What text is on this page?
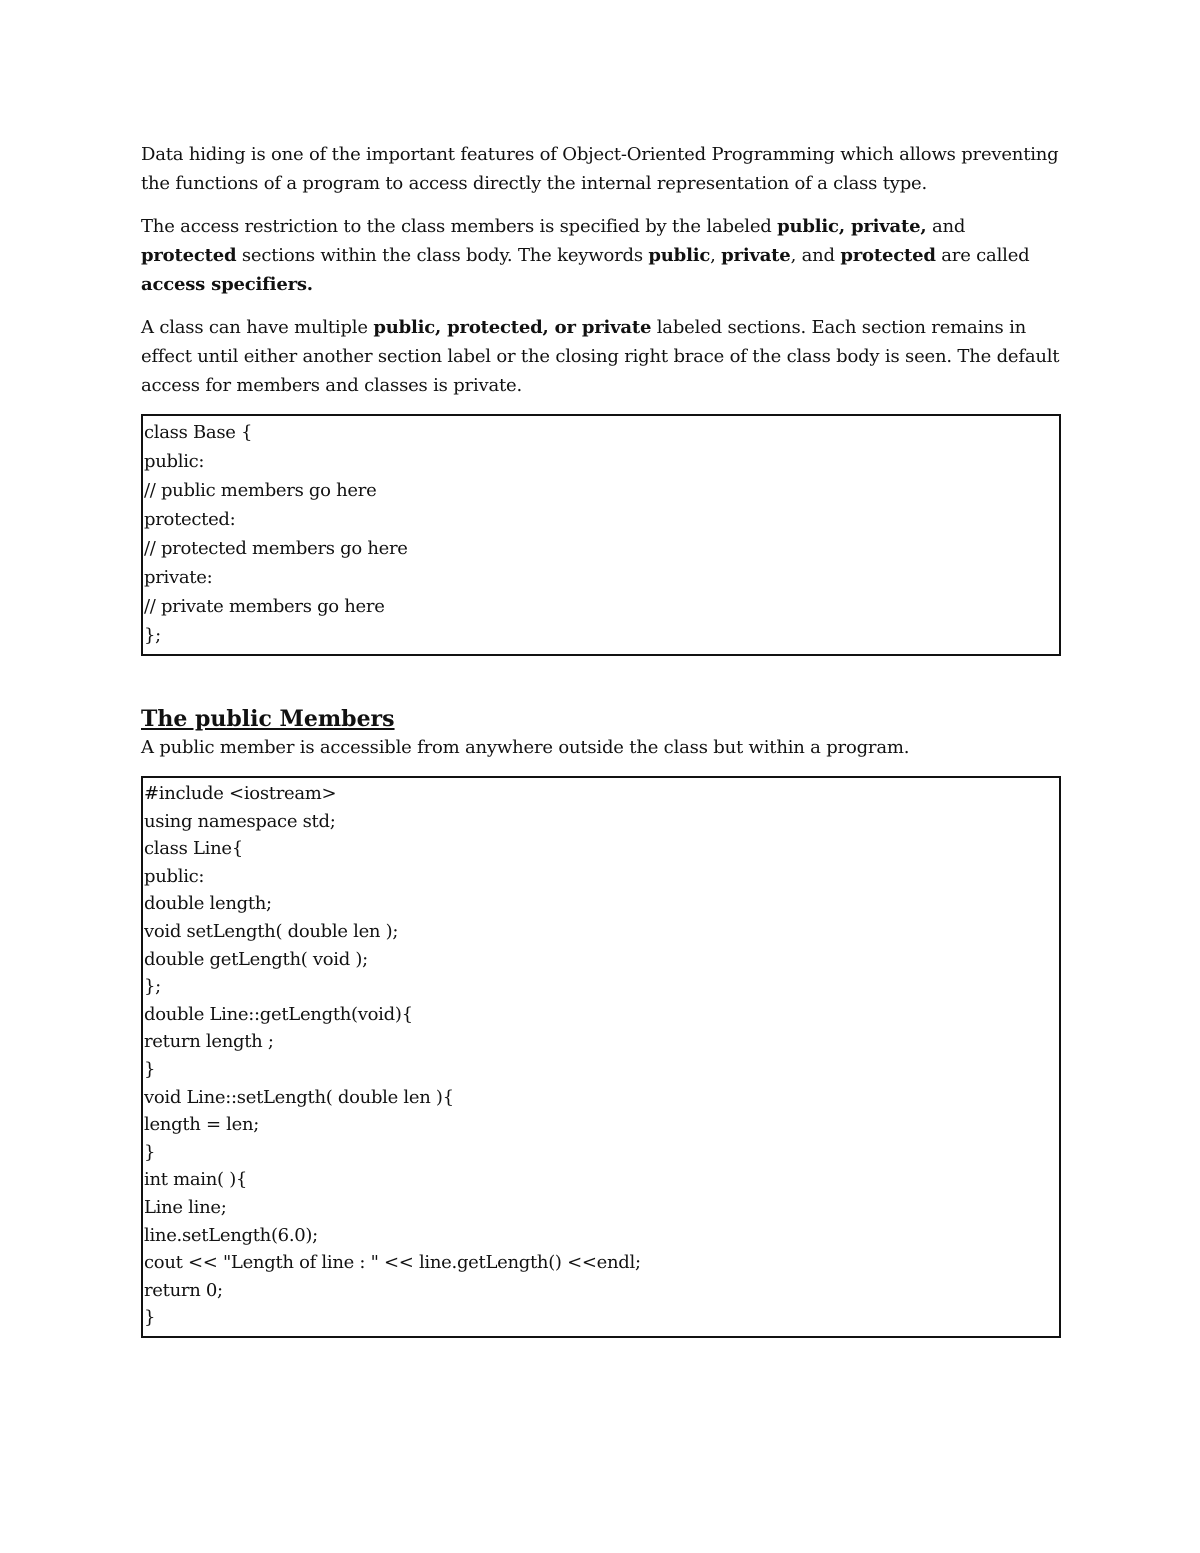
Data hiding is one of the important features of Object-Oriented Programming which allows preventing the functions of a program to access directly the internal representation of a class type.

The access restriction to the class members is specified by the labeled public, private, and protected sections within the class body. The keywords public, private, and protected are called access specifiers.

A class can have multiple public, protected, or private labeled sections. Each section remains in effect until either another section label or the closing right brace of the class body is seen. The default access for members and classes is private.

class Base {
public:
// public members go here
protected:
// protected members go here
private:
// private members go here
};
The public Members

A public member is accessible from anywhere outside the class but within a program.

#include <iostream>
using namespace std;
class Line{
public:
double length;
void setLength( double len );
double getLength( void );
};
double Line::getLength(void){
return length ;
}
void Line::setLength( double len ){
length = len;
}
int main( ){
Line line;
line.setLength(6.0);
cout << "Length of line : " << line.getLength() <<endl;
return 0;
}
